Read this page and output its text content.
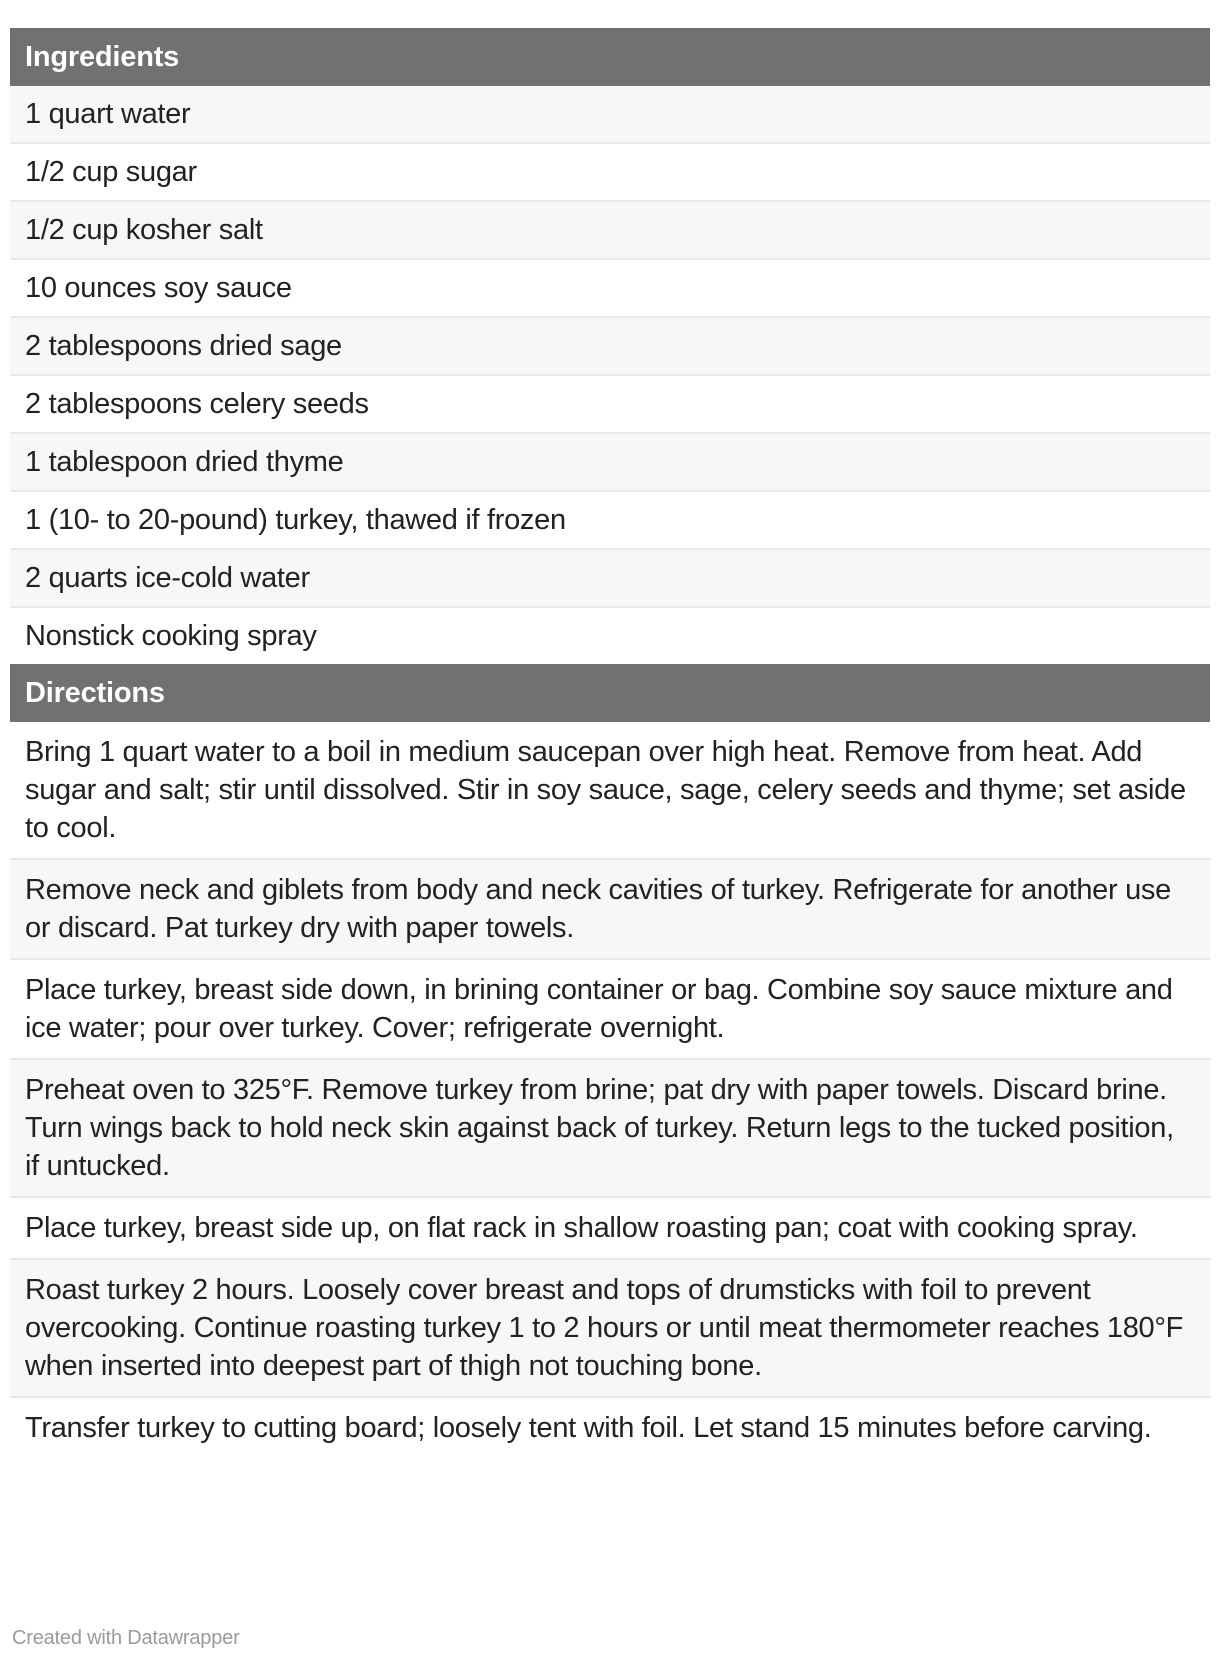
Ingredients
1 quart water
1/2 cup sugar
1/2 cup kosher salt
10 ounces soy sauce
2 tablespoons dried sage
2 tablespoons celery seeds
1 tablespoon dried thyme
1 (10- to 20-pound) turkey, thawed if frozen
2 quarts ice-cold water
Nonstick cooking spray
Directions
Bring 1 quart water to a boil in medium saucepan over high heat. Remove from heat. Add sugar and salt; stir until dissolved. Stir in soy sauce, sage, celery seeds and thyme; set aside to cool.
Remove neck and giblets from body and neck cavities of turkey. Refrigerate for another use or discard. Pat turkey dry with paper towels.
Place turkey, breast side down, in brining container or bag. Combine soy sauce mixture and ice water; pour over turkey. Cover; refrigerate overnight.
Preheat oven to 325°F. Remove turkey from brine; pat dry with paper towels. Discard brine. Turn wings back to hold neck skin against back of turkey. Return legs to the tucked position, if untucked.
Place turkey, breast side up, on flat rack in shallow roasting pan; coat with cooking spray.
Roast turkey 2 hours. Loosely cover breast and tops of drumsticks with foil to prevent overcooking. Continue roasting turkey 1 to 2 hours or until meat thermometer reaches 180°F when inserted into deepest part of thigh not touching bone.
Transfer turkey to cutting board; loosely tent with foil. Let stand 15 minutes before carving.
Created with Datawrapper
